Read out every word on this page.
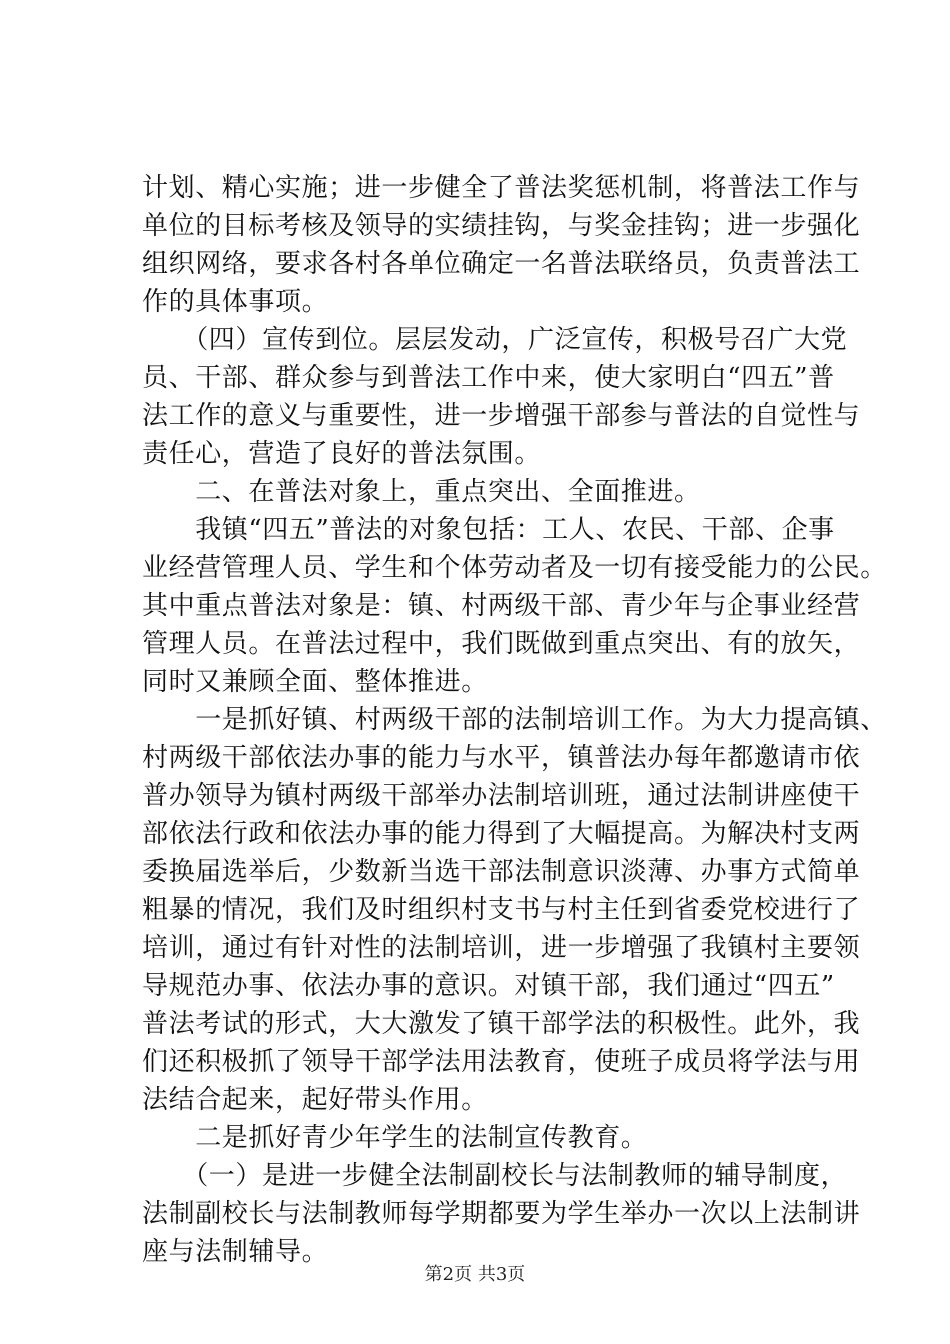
计划、精心实施；进一步健全了普法奖惩机制，将普法工作与
单位的目标考核及领导的实绩挂钩，与奖金挂钩；进一步强化
组织网络，要求各村各单位确定一名普法联络员，负责普法工
作的具体事项。
　　（四）宣传到位。层层发动，广泛宣传，积极号召广大党
员、干部、群众参与到普法工作中来，使大家明白“四五”普
法工作的意义与重要性，进一步增强干部参与普法的自觉性与
责任心，营造了良好的普法氛围。
　　二、在普法对象上，重点突出、全面推进。
　　我镇“四五”普法的对象包括：工人、农民、干部、企事
业经营管理人员、学生和个体劳动者及一切有接受能力的公民。
其中重点普法对象是：镇、村两级干部、青少年与企事业经营
管理人员。在普法过程中，我们既做到重点突出、有的放矢，
同时又兼顾全面、整体推进。
　　一是抓好镇、村两级干部的法制培训工作。为大力提高镇、
村两级干部依法办事的能力与水平，镇普法办每年都邀请市依
普办领导为镇村两级干部举办法制培训班，通过法制讲座使干
部依法行政和依法办事的能力得到了大幅提高。为解决村支两
委换届选举后，少数新当选干部法制意识淡薄、办事方式简单
粗暴的情况，我们及时组织村支书与村主任到省委党校进行了
培训，通过有针对性的法制培训，进一步增强了我镇村主要领
导规范办事、依法办事的意识。对镇干部，我们通过“四五”
普法考试的形式，大大激发了镇干部学法的积极性。此外，我
们还积极抓了领导干部学法用法教育，使班子成员将学法与用
法结合起来，起好带头作用。
　　二是抓好青少年学生的法制宣传教育。
　　（一）是进一步健全法制副校长与法制教师的辅导制度，
法制副校长与法制教师每学期都要为学生举办一次以上法制讲
座与法制辅导。
第2页 共3页
